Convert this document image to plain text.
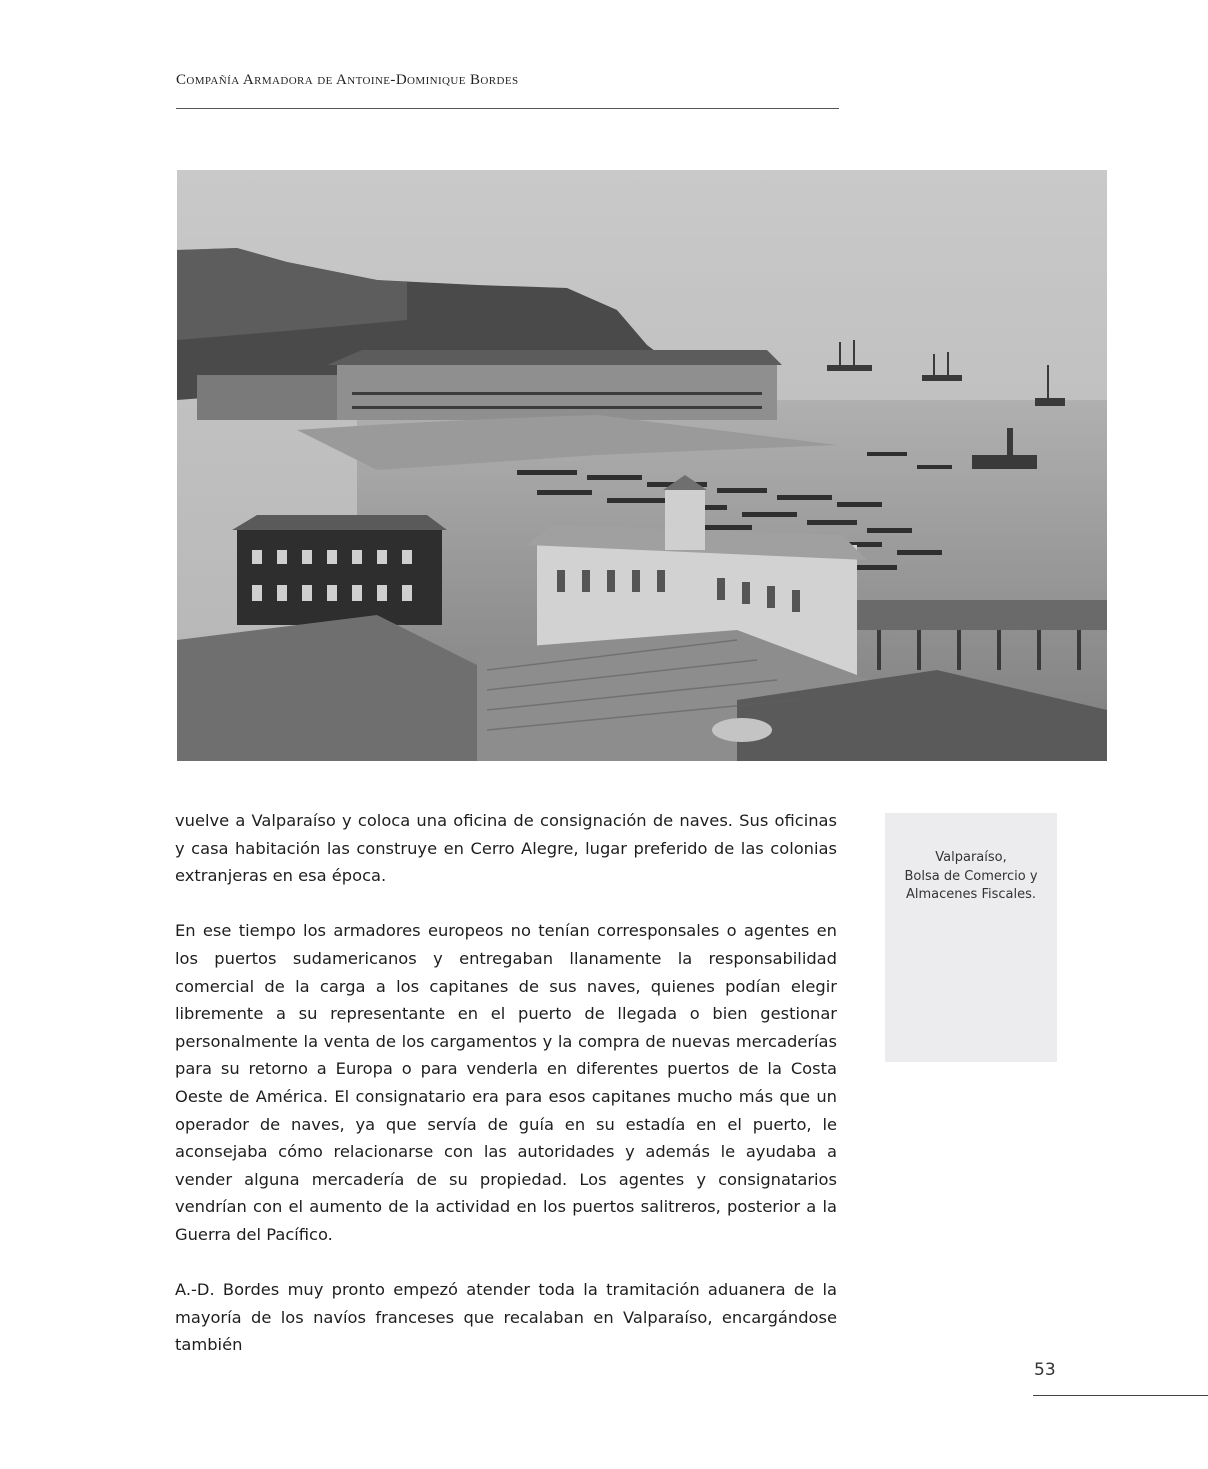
Compañía Armadora de Antoine-Dominique Bordes

vuelve a Valparaíso y coloca una oficina de consignación de naves. Sus oficinas y casa habitación las construye en Cerro Alegre, lugar preferido de las colonias extranjeras en esa época.

En ese tiempo los armadores europeos no tenían corresponsales o agentes en los puertos sudamericanos y entregaban llanamente la responsabilidad comercial de la carga a los capitanes de sus naves, quienes podían elegir libremente a su representante en el puerto de llegada o bien gestionar personalmente la venta de los cargamentos y la compra de nuevas mercaderías para su retorno a Europa o para venderla en diferentes puertos de la Costa Oeste de América. El consignatario era para esos capitanes mucho más que un operador de naves, ya que servía de guía en su estadía en el puerto, le aconsejaba cómo relacionarse con las autoridades y además le ayudaba a vender alguna mercadería de su propiedad. Los agentes y consignatarios vendrían con el aumento de la actividad en los puertos salitreros, posterior a la Guerra del Pacífico.

A.-D. Bordes muy pronto empezó atender toda la tramitación aduanera de la mayoría de los navíos franceses que recalaban en Valparaíso, encargándose también

Valparaíso,
Bolsa de Comercio y
Almacenes Fiscales.
53
